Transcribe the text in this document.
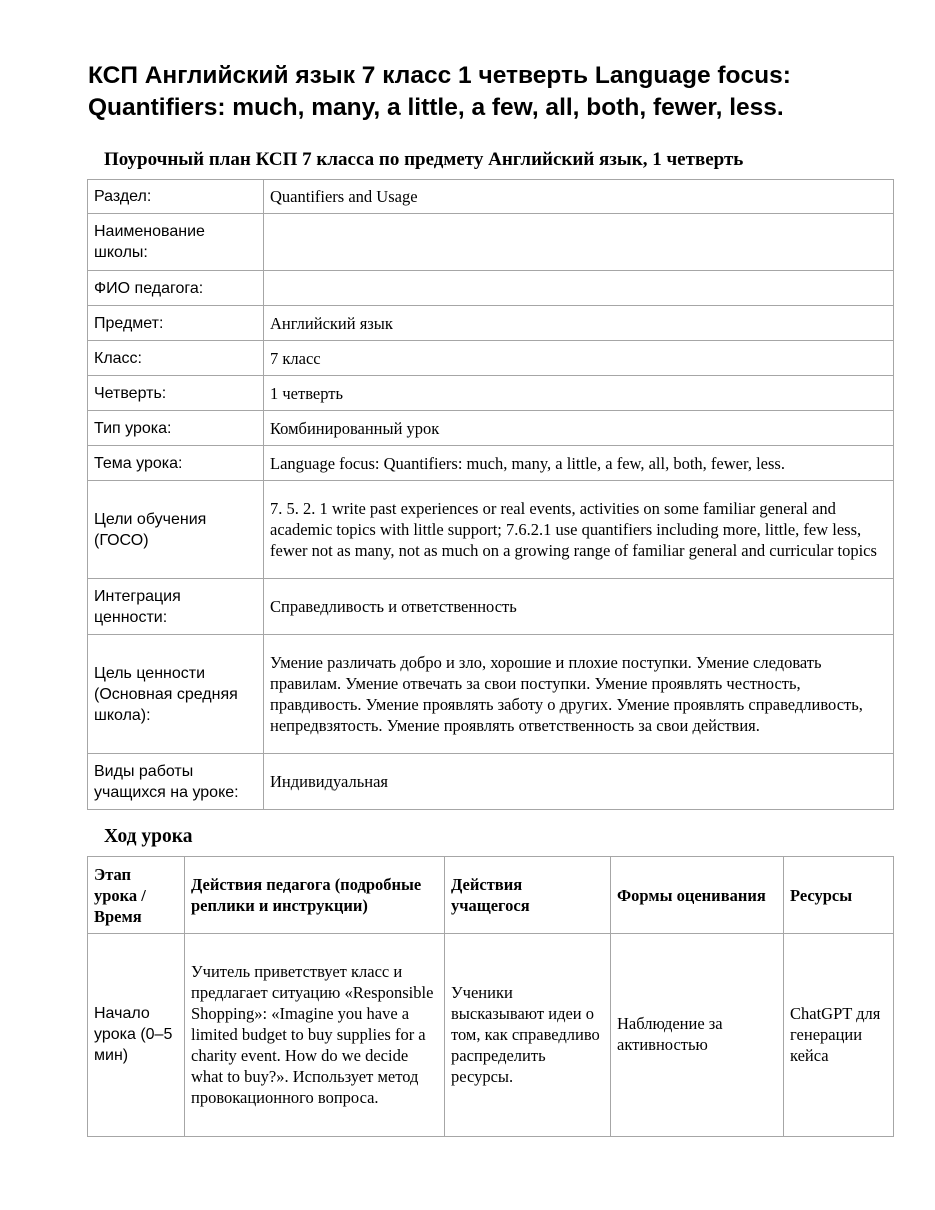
КСП Английский язык 7 класс 1 четверть Language focus: Quantifiers: much, many, a little, a few, all, both, fewer, less.
Поурочный план КСП 7 класса по предмету Английский язык, 1 четверть
Раздел:	Quantifiers and Usage
Наименование школы:	
ФИО педагога:	
Предмет:	Английский язык
Класс:	7 класс
Четверть:	1 четверть
Тип урока:	Комбинированный урок
Тема урока:	Language focus: Quantifiers: much, many, a little, a few, all, both, fewer, less.
Цели обучения (ГОСО)	7. 5. 2. 1 write past experiences or real events, activities on some familiar general and academic topics with little support; 7.6.2.1 use quantifiers including more, little, few less, fewer not as many, not as much on a growing range of familiar general and curricular topics
Интеграция ценности:	Справедливость и ответственность
Цель ценности (Основная средняя школа):	Умение различать добро и зло, хорошие и плохие поступки. Умение следовать правилам. Умение отвечать за свои поступки. Умение проявлять честность, правдивость. Умение проявлять заботу о других. Умение проявлять справедливость, непредвзятость. Умение проявлять ответственность за свои действия.
Виды работы учащихся на уроке:	Индивидуальная
Ход урока
Этап урока / Время	Действия педагога (подробные реплики и инструкции)	Действия учащегося	Формы оценивания	Ресурсы
Начало урока (0–5 мин)	Учитель приветствует класс и предлагает ситуацию «Responsible Shopping»: «Imagine you have a limited budget to buy supplies for a charity event. How do we decide what to buy?». Использует метод провокационного вопроса.	Ученики высказывают идеи о том, как справедливо распределить ресурсы.	Наблюдение за активностью	ChatGPT для генерации кейса
